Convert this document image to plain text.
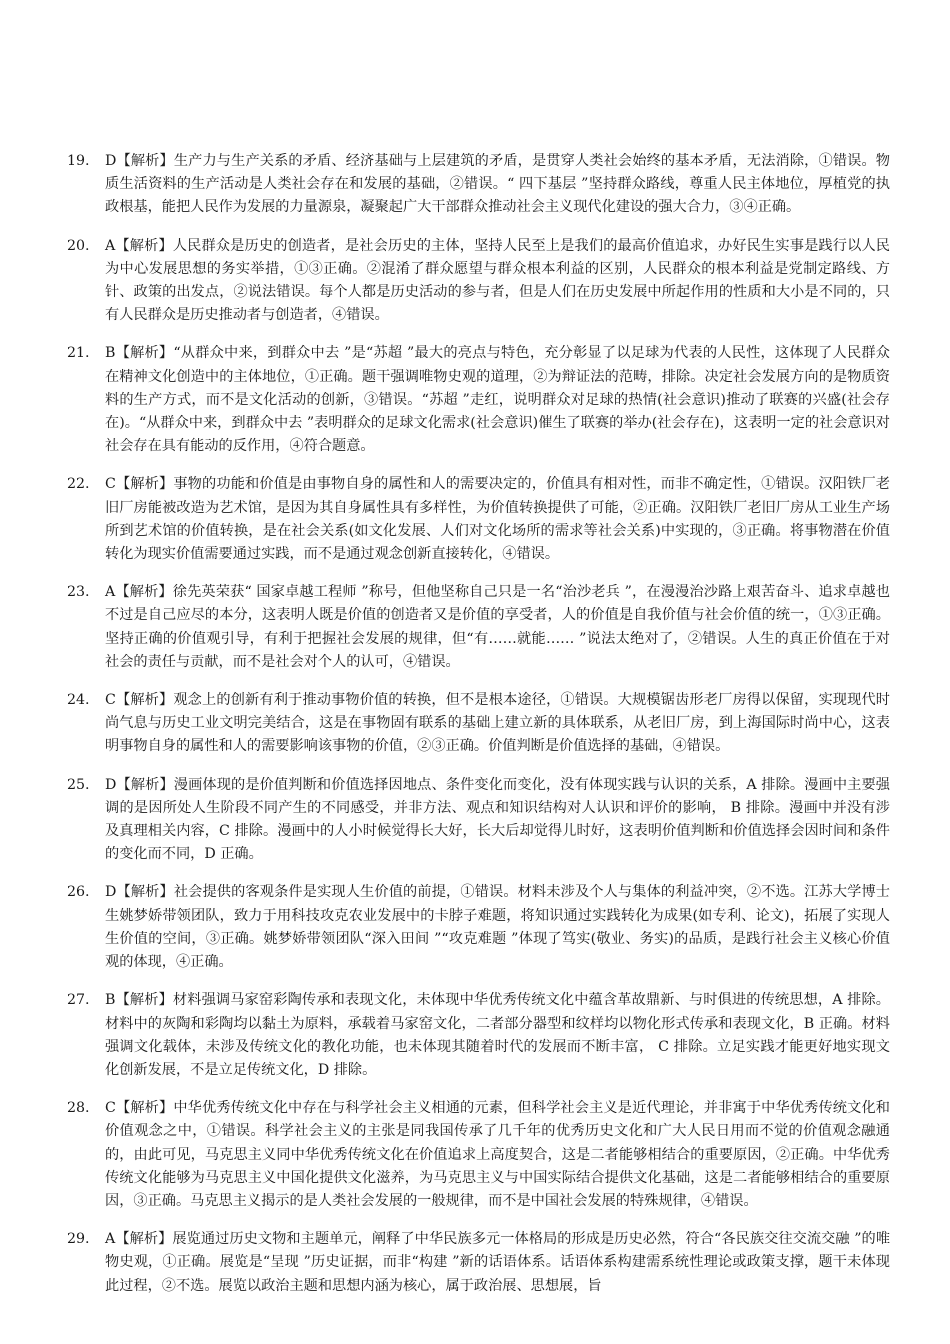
19.	D【解析】生产力与生产关系的矛盾、经济基础与上层建筑的矛盾，是贯穿人类社会始终的基本矛盾，无法消除，①错误。物质生活资料的生产活动是人类社会存在和发展的基础，②错误。“ 四下基层 ”坚持群众路线，尊重人民主体地位，厚植党的执政根基，能把人民作为发展的力量源泉，凝聚起广大干部群众推动社会主义现代化建设的强大合力，③④正确。
20.	A【解析】人民群众是历史的创造者，是社会历史的主体，坚持人民至上是我们的最高价值追求，办好民生实事是践行以人民为中心发展思想的务实举措，①③正确。②混淆了群众愿望与群众根本利益的区别，人民群众的根本利益是党制定路线、方针、政策的出发点，②说法错误。每个人都是历史活动的参与者，但是人们在历史发展中所起作用的性质和大小是不同的，只有人民群众是历史推动者与创造者，④错误。
21.	B【解析】“从群众中来，到群众中去 ”是“苏超 ”最大的亮点与特色，充分彰显了以足球为代表的人民性，这体现了人民群众在精神文化创造中的主体地位，①正确。题干强调唯物史观的道理，②为辩证法的范畴，排除。决定社会发展方向的是物质资料的生产方式，而不是文化活动的创新，③错误。“苏超 ”走红，说明群众对足球的热情(社会意识)推动了联赛的兴盛(社会存在)。“从群众中来，到群众中去 ”表明群众的足球文化需求(社会意识)催生了联赛的举办(社会存在)，这表明一定的社会意识对社会存在具有能动的反作用，④符合题意。
22.	C【解析】事物的功能和价值是由事物自身的属性和人的需要决定的，价值具有相对性，而非不确定性，①错误。汉阳铁厂老旧厂房能被改造为艺术馆，是因为其自身属性具有多样性，为价值转换提供了可能，②正确。汉阳铁厂老旧厂房从工业生产场所到艺术馆的价值转换，是在社会关系(如文化发展、人们对文化场所的需求等社会关系)中实现的，③正确。将事物潜在价值转化为现实价值需要通过实践，而不是通过观念创新直接转化，④错误。
23.	A【解析】徐先英荣获“ 国家卓越工程师 ”称号，但他坚称自己只是一名“治沙老兵 ”，在漫漫治沙路上艰苦奋斗、追求卓越也不过是自己应尽的本分，这表明人既是价值的创造者又是价值的享受者，人的价值是自我价值与社会价值的统一，①③正确。坚持正确的价值观引导，有利于把握社会发展的规律，但“有……就能…… ”说法太绝对了，②错误。人生的真正价值在于对社会的责任与贡献，而不是社会对个人的认可，④错误。
24.	C【解析】观念上的创新有利于推动事物价值的转换，但不是根本途径，①错误。大规模锯齿形老厂房得以保留，实现现代时尚气息与历史工业文明完美结合，这是在事物固有联系的基础上建立新的具体联系，从老旧厂房，到上海国际时尚中心，这表明事物自身的属性和人的需要影响该事物的价值，②③正确。价值判断是价值选择的基础，④错误。
25.	D【解析】漫画体现的是价值判断和价值选择因地点、条件变化而变化，没有体现实践与认识的关系，A 排除。漫画中主要强调的是因所处人生阶段不同产生的不同感受，并非方法、观点和知识结构对人认识和评价的影响， B 排除。漫画中并没有涉及真理相关内容，C 排除。漫画中的人小时候觉得长大好，长大后却觉得儿时好，这表明价值判断和价值选择会因时间和条件的变化而不同，D 正确。
26.	D【解析】社会提供的客观条件是实现人生价值的前提，①错误。材料未涉及个人与集体的利益冲突，②不选。江苏大学博士生姚梦娇带领团队，致力于用科技攻克农业发展中的卡脖子难题，将知识通过实践转化为成果(如专利、论文)，拓展了实现人生价值的空间，③正确。姚梦娇带领团队“深入田间 ”“攻克难题 ”体现了笃实(敬业、务实)的品质，是践行社会主义核心价值观的体现，④正确。
27.	B【解析】材料强调马家窑彩陶传承和表现文化，未体现中华优秀传统文化中蕴含革故鼎新、与时俱进的传统思想，A 排除。材料中的灰陶和彩陶均以黏土为原料，承载着马家窑文化，二者部分器型和纹样均以物化形式传承和表现文化，B 正确。材料强调文化载体，未涉及传统文化的教化功能，也未体现其随着时代的发展而不断丰富， C 排除。立足实践才能更好地实现文化创新发展，不是立足传统文化，D 排除。
28.	C【解析】中华优秀传统文化中存在与科学社会主义相通的元素，但科学社会主义是近代理论，并非寓于中华优秀传统文化和价值观念之中，①错误。科学社会主义的主张是同我国传承了几千年的优秀历史文化和广大人民日用而不觉的价值观念融通的，由此可见，马克思主义同中华优秀传统文化在价值追求上高度契合，这是二者能够相结合的重要原因，②正确。中华优秀传统文化能够为马克思主义中国化提供文化滋养，为马克思主义与中国实际结合提供文化基础，这是二者能够相结合的重要原因，③正确。马克思主义揭示的是人类社会发展的一般规律，而不是中国社会发展的特殊规律，④错误。
29.	A【解析】展览通过历史文物和主题单元，阐释了中华民族多元一体格局的形成是历史必然，符合“各民族交往交流交融 ”的唯物史观，①正确。展览是“呈现 ”历史证据，而非“构建 ”新的话语体系。话语体系构建需系统性理论或政策支撑，题干未体现此过程，②不选。展览以政治主题和思想内涵为核心，属于政治展、思想展，旨
